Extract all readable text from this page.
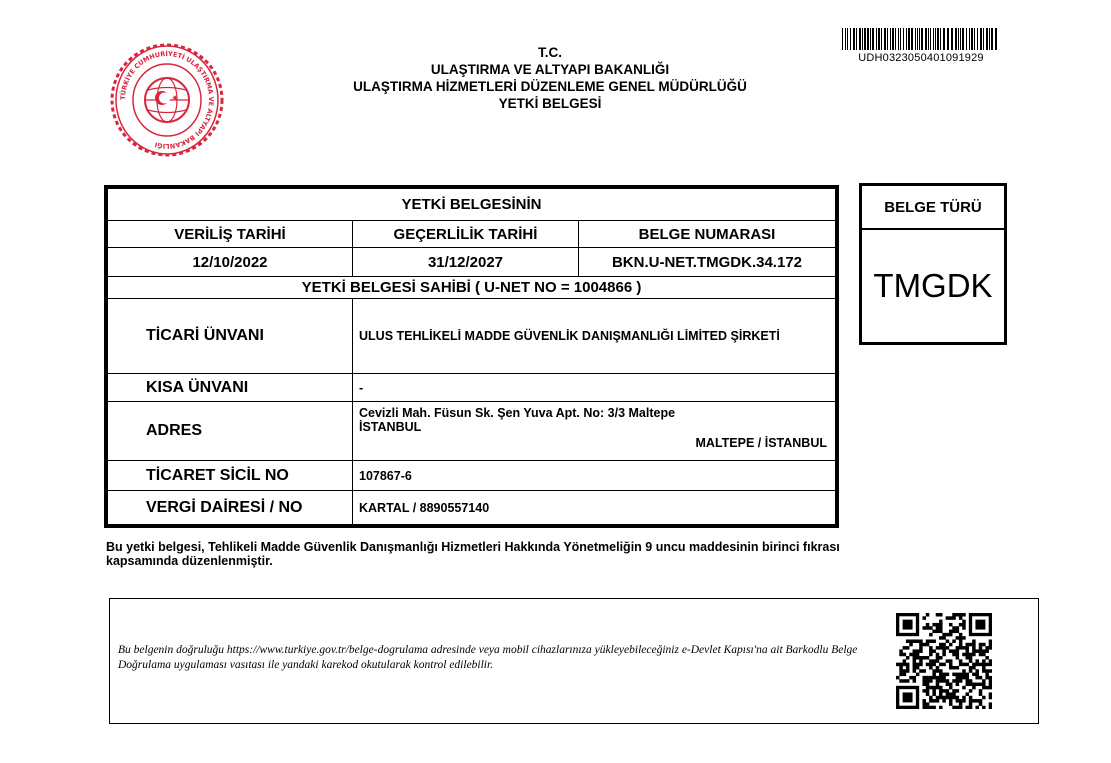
TÜRKİYE CUMHURİYETİ ULAŞTIRMA VE ALTYAPI BAKANLIĞI
T.C.
ULAŞTIRMA VE ALTYAPI BAKANLIĞI
ULAŞTIRMA HİZMETLERİ DÜZENLEME GENEL MÜDÜRLÜĞÜ
YETKİ BELGESİ
UDH0323050401091929
YETKİ BELGESİNİN
VERİLİŞ TARİHİ	GEÇERLİLİK TARİHİ	BELGE NUMARASI
12/10/2022	31/12/2027	BKN.U-NET.TMGDK.34.172
YETKİ BELGESİ SAHİBİ ( U-NET NO = 1004866 )
TİCARİ ÜNVANI	ULUS TEHLİKELİ MADDE GÜVENLİK DANIŞMANLIĞI LİMİTED ŞİRKETİ
KISA ÜNVANI	-
ADRES
Cevizli Mah. Füsun Sk. Şen Yuva Apt. No: 3/3 Maltepe
İSTANBUL
MALTEPE / İSTANBUL
TİCARET SİCİL NO	107867-6
VERGİ DAİRESİ / NO	KARTAL / 8890557140
BELGE TÜRÜ
TMGDK
Bu yetki belgesi, Tehlikeli Madde Güvenlik Danışmanlığı Hizmetleri Hakkında Yönetmeliğin 9 uncu maddesinin birinci fıkrası kapsamında düzenlenmiştir.
Bu belgenin doğruluğu https://www.turkiye.gov.tr/belge-dogrulama adresinde veya mobil cihazlarınıza yükleyebileceğiniz e-Devlet Kapısı'na ait Barkodlu Belge Doğrulama uygulaması vasıtası ile yandaki karekod okutularak kontrol edilebilir.
